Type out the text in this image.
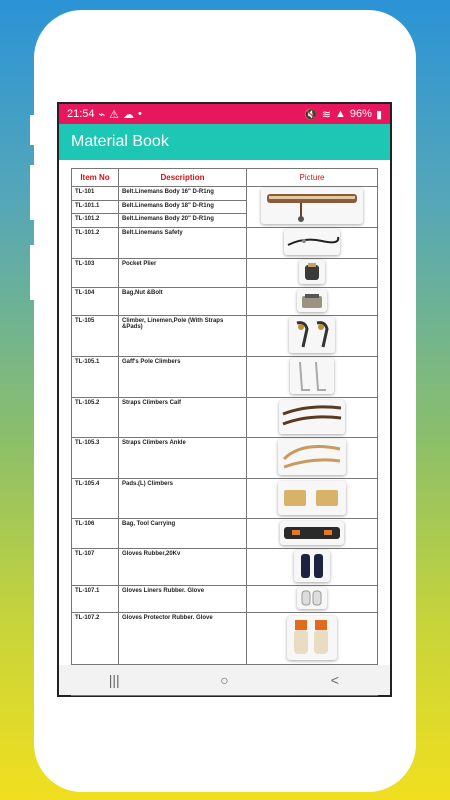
21:54 ⌁ ⚠ ☁ •	🔇 ≋ ▲ 96% ▮
Material Book
Item No	Description	Picture
TL-101	Belt.Linemans Body 16" D-R1ng	
TL-101.1	Belt.Linemans Body 18" D-R1ng	
TL-101.2	Belt.Linemans Body 20" D-R1ng	
TL-101.2	Belt.Linemans Safety	
TL-103	Pocket Plier	
TL-104	Bag,Nut &Bolt	
TL-105	Climber, Linemen,Pole (With Straps &Pads)	
TL-105.1	Gaff's Pole Climbers	
TL-105.2	Straps Climbers Calf	
TL-105.3	Straps Climbers Ankle	
TL-105.4	Pads.(L) Climbers	
TL-106	Bag, Tool Carrying	
TL-107	Gloves Rubber,20Kv	
TL-107.1	Gloves Liners Rubber. Glove	
TL-107.2	Gloves Protector Rubber. Glove	

|||	○	<
